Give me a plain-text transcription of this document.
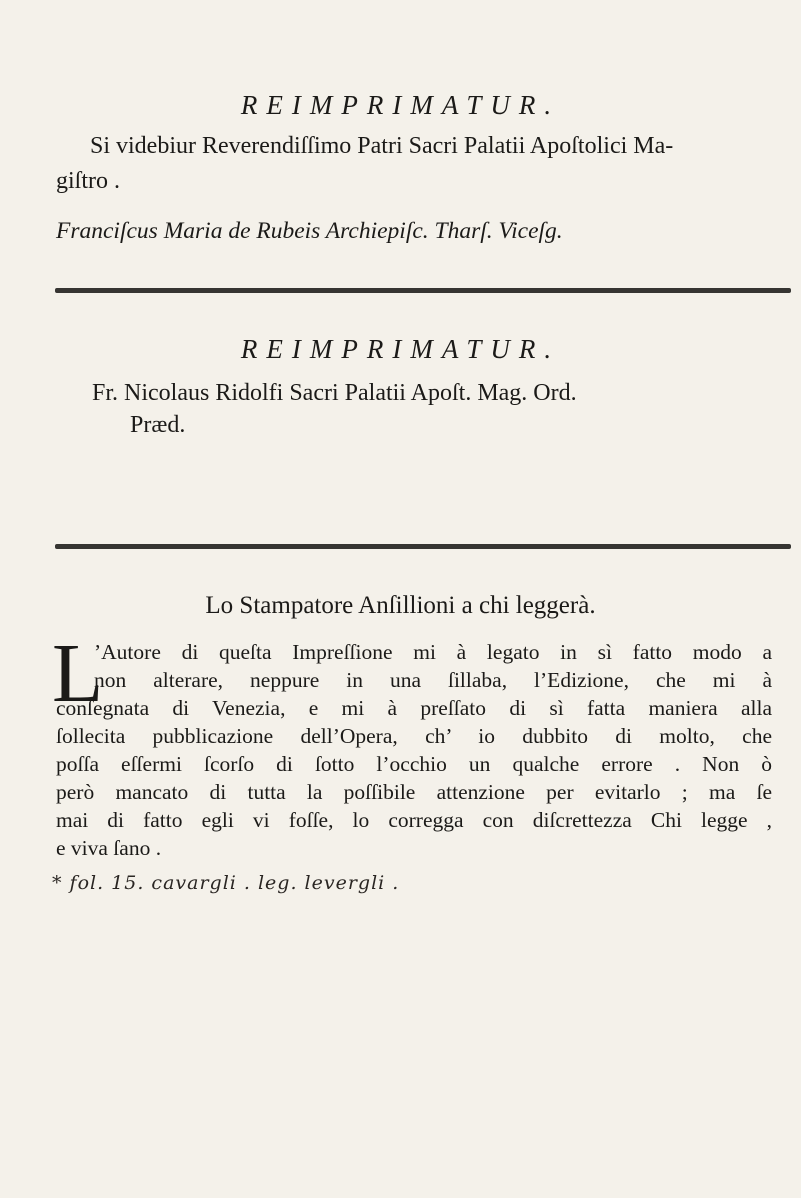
REIMPRIMATUR.
Si videbiur Reverendiſſimo Patri Sacri Palatii Apoſtolici Ma-
giſtro .
Franciſcus Maria de Rubeis Archiepiſc. Tharſ. Viceſg.
REIMPRIMATUR.
Fr. Nicolaus Ridolfi Sacri Palatii Apoſt. Mag. Ord.
Præd.
Lo Stampatore Anſillioni a chi leggerà.
L
’Autore di queſta Impreſſione mi à legato in sì fatto modo a
non alterare, neppure in una ſillaba, l’Edizione, che mi à
conſegnata di Venezia, e mi à preſſato di sì fatta maniera alla
ſollecita pubblicazione dell’Opera, ch’ io dubbito di molto, che
poſſa eſſermi ſcorſo di ſotto l’occhio un qualche errore . Non ò
però mancato di tutta la poſſibile attenzione per evitarlo ; ma ſe
mai di fatto egli vi foſſe, lo corregga con diſcrettezza Chi legge ,
e viva ſano .
* fol. 15. cavargli . leg. levergli .
